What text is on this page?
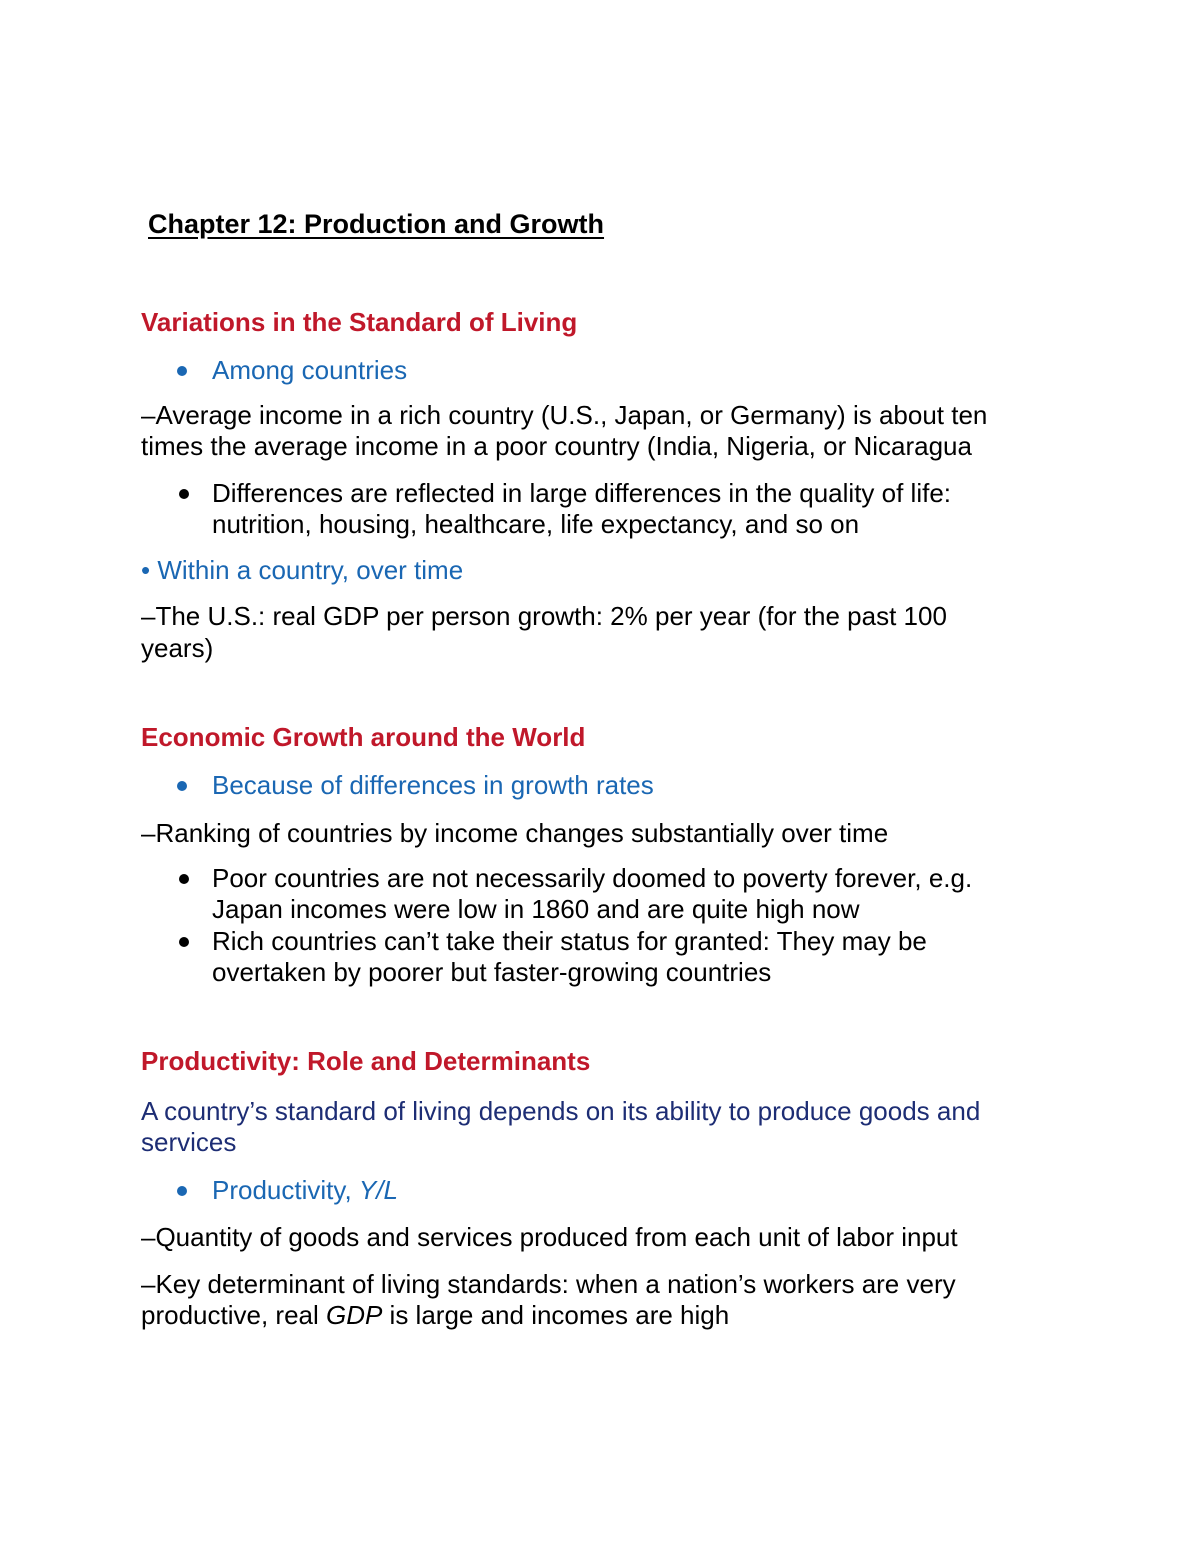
Chapter 12: Production and Growth
Variations in the Standard of Living
Among countries
–Average income in a rich country (U.S., Japan, or Germany) is about ten
times the average income in a poor country (India, Nigeria, or Nicaragua
Differences are reflected in large differences in the quality of life:
nutrition, housing, healthcare, life expectancy, and so on
• Within a country, over time
–The U.S.: real GDP per person growth: 2% per year (for the past 100
years)
Economic Growth around the World
Because of differences in growth rates
–Ranking of countries by income changes substantially over time
Poor countries are not necessarily doomed to poverty forever, e.g.
Japan incomes were low in 1860 and are quite high now
Rich countries can’t take their status for granted: They may be
overtaken by poorer but faster-growing countries
Productivity: Role and Determinants
A country’s standard of living depends on its ability to produce goods and
services
Productivity, Y/L
–Quantity of goods and services produced from each unit of labor input
–Key determinant of living standards: when a nation’s workers are very
productive, real GDP is large and incomes are high
